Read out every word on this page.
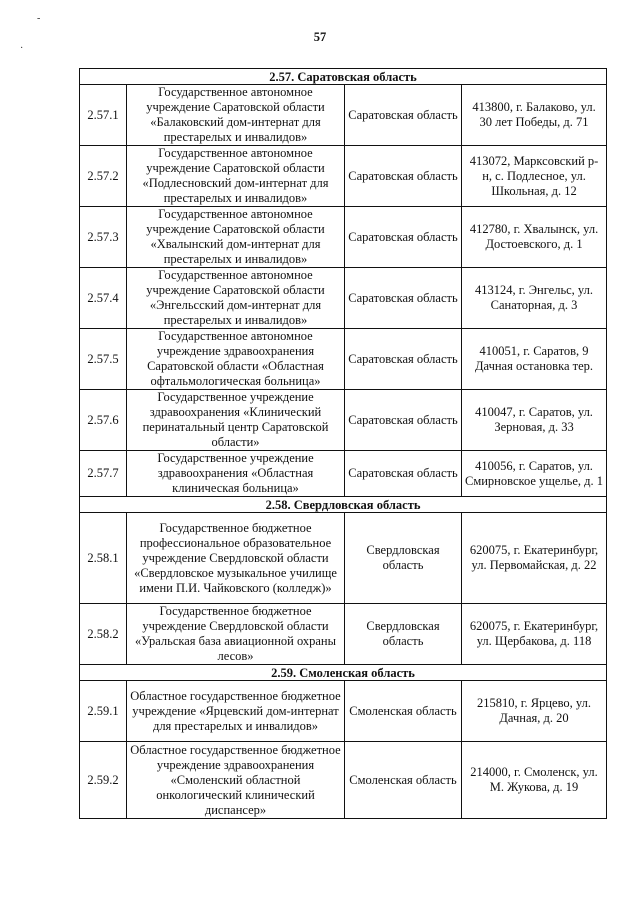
-
·
57
2.57. Саратовская область			
2.57.1	Государственное автономное учреждение Саратовской области «Балаковский дом-интернат для престарелых и инвалидов»	Саратовская область	413800, г. Балаково, ул. 30 лет Победы, д. 71
2.57.2	Государственное автономное учреждение Саратовской области «Подлесновский дом-интернат для престарелых и инвалидов»	Саратовская область	413072, Марксовский р-н, с. Подлесное, ул. Школьная, д. 12
2.57.3	Государственное автономное учреждение Саратовской области «Хвалынский дом-интернат для престарелых и инвалидов»	Саратовская область	412780, г. Хвалынск, ул. Достоевского, д. 1
2.57.4	Государственное автономное учреждение Саратовской области «Энгельсский дом-интернат для престарелых и инвалидов»	Саратовская область	413124, г. Энгельс, ул. Санаторная, д. 3
2.57.5	Государственное автономное учреждение здравоохранения Саратовской области «Областная офтальмологическая больница»	Саратовская область	410051, г. Саратов, 9 Дачная остановка тер.
2.57.6	Государственное учреждение здравоохранения «Клинический перинатальный центр Саратовской области»	Саратовская область	410047, г. Саратов, ул. Зерновая, д. 33
2.57.7	Государственное учреждение здравоохранения «Областная клиническая больница»	Саратовская область	410056, г. Саратов, ул. Смирновское ущелье, д. 1
2.58. Свердловская область			
2.58.1	Государственное бюджетное профессиональное образовательное учреждение Свердловской области «Свердловское музыкальное училище имени П.И. Чайковского (колледж)»	Свердловская область	620075, г. Екатеринбург, ул. Первомайская, д. 22
2.58.2	Государственное бюджетное учреждение Свердловской области «Уральская база авиационной охраны лесов»	Свердловская область	620075, г. Екатеринбург, ул. Щербакова, д. 118
2.59. Смоленская область			
2.59.1	Областное государственное бюджетное учреждение «Ярцевский дом-интернат для престарелых и инвалидов»	Смоленская область	215810, г. Ярцево, ул. Дачная, д. 20
2.59.2	Областное государственное бюджетное учреждение здравоохранения «Смоленский областной онкологический клинический диспансер»	Смоленская область	214000, г. Смоленск, ул. М. Жукова, д. 19
